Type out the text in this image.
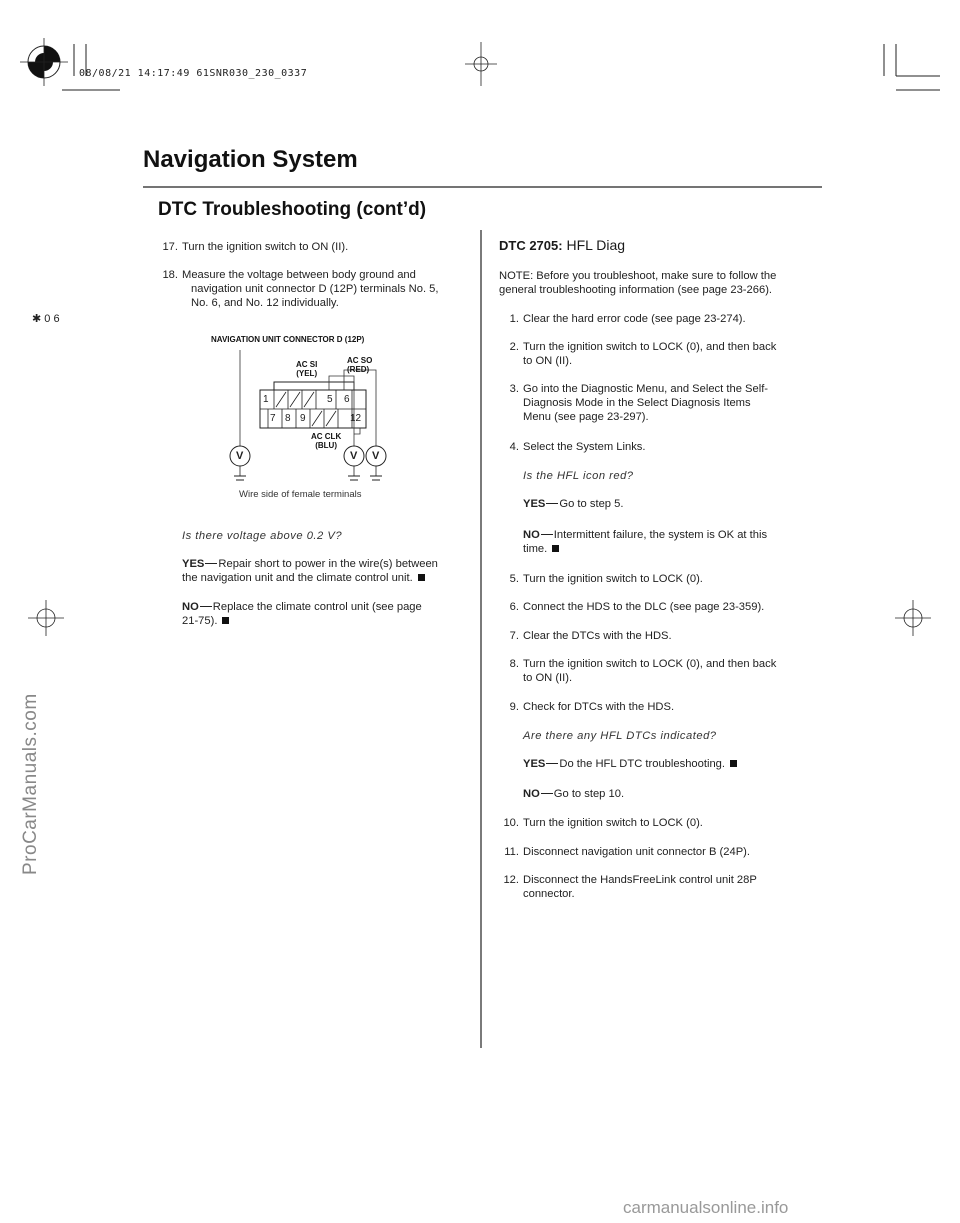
08/08/21 14:17:49 61SNR030_230_0337
✱ 0 6
Navigation System
DTC Troubleshooting (cont’d)
17. Turn the ignition switch to ON (II).
18. Measure the voltage between body ground and
navigation unit connector D (12P) terminals No. 5,
No. 6, and No. 12 individually.
NAVIGATION UNIT CONNECTOR D (12P)
V	V V
AC SI
(YEL)
AC SO
(RED)
AC CLK
(BLU)
1	5 6
7 8 9	12
Wire side of female terminals
Is there voltage above 0.2 V?
YES Repair short to power in the wire(s) between
the navigation unit and the climate control unit.
NO Replace the climate control unit (see page
21-75).
DTC 2705: HFL Diag
NOTE: Before you troubleshoot, make sure to follow the
general troubleshooting information (see page 23-266).
1. Clear the hard error code (see page 23-274).
2. Turn the ignition switch to LOCK (0), and then back
to ON (II).
3. Go into the Diagnostic Menu, and Select the Self-
Diagnosis Mode in the Select Diagnosis Items
Menu (see page 23-297).
4. Select the System Links.
Is the HFL icon red?
YES Go to step 5.
NO Intermittent failure, the system is OK at this
time.
5. Turn the ignition switch to LOCK (0).
6. Connect the HDS to the DLC (see page 23-359).
7. Clear the DTCs with the HDS.
8. Turn the ignition switch to LOCK (0), and then back
to ON (II).
9. Check for DTCs with the HDS.
Are there any HFL DTCs indicated?
YES Do the HFL DTC troubleshooting.
NO Go to step 10.
10. Turn the ignition switch to LOCK (0).
11. Disconnect navigation unit connector B (24P).
12. Disconnect the HandsFreeLink control unit 28P
connector.
ProCarManuals.com
carmanualsonline.info
